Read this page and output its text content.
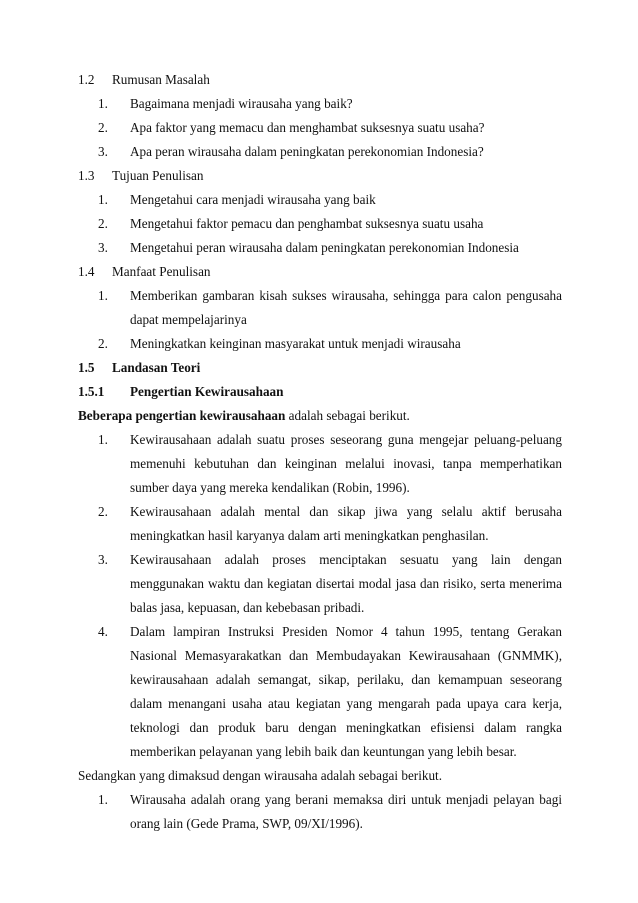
1.2	Rumusan Masalah
1.	Bagaimana menjadi wirausaha yang baik?
2.	Apa faktor yang memacu dan menghambat suksesnya suatu usaha?
3.	Apa peran wirausaha dalam peningkatan perekonomian Indonesia?
1.3	Tujuan Penulisan
1.	Mengetahui cara menjadi wirausaha yang baik
2.	Mengetahui faktor pemacu dan penghambat suksesnya suatu usaha
3.	Mengetahui peran wirausaha dalam peningkatan perekonomian Indonesia
1.4	Manfaat Penulisan
1.	Memberikan gambaran kisah sukses wirausaha, sehingga para calon pengusaha dapat mempelajarinya
2.	Meningkatkan keinginan masyarakat untuk menjadi wirausaha
1.5	Landasan Teori
1.5.1	Pengertian Kewirausahaan

Beberapa pengertian kewirausahaan adalah sebagai berikut.

1.	Kewirausahaan adalah suatu proses seseorang guna mengejar peluang-peluang memenuhi kebutuhan dan keinginan melalui inovasi, tanpa memperhatikan sumber daya yang mereka kendalikan (Robin, 1996).
2.	Kewirausahaan adalah mental dan sikap jiwa yang selalu aktif berusaha meningkatkan hasil karyanya dalam arti meningkatkan penghasilan.
3.	Kewirausahaan adalah proses menciptakan sesuatu yang lain dengan menggunakan waktu dan kegiatan disertai modal jasa dan risiko, serta menerima balas jasa, kepuasan, dan kebebasan pribadi.
4.	Dalam lampiran Instruksi Presiden Nomor 4 tahun 1995, tentang Gerakan Nasional Memasyarakatkan dan Membudayakan Kewirausahaan (GNMMK), kewirausahaan adalah semangat, sikap, perilaku, dan kemampuan seseorang dalam menangani usaha atau kegiatan yang mengarah pada upaya cara kerja, teknologi dan produk baru dengan meningkatkan efisiensi dalam rangka memberikan pelayanan yang lebih baik dan keuntungan yang lebih besar.

Sedangkan yang dimaksud dengan wirausaha adalah sebagai berikut.

1.	Wirausaha adalah orang yang berani memaksa diri untuk menjadi pelayan bagi orang lain (Gede Prama, SWP, 09/XI/1996).
